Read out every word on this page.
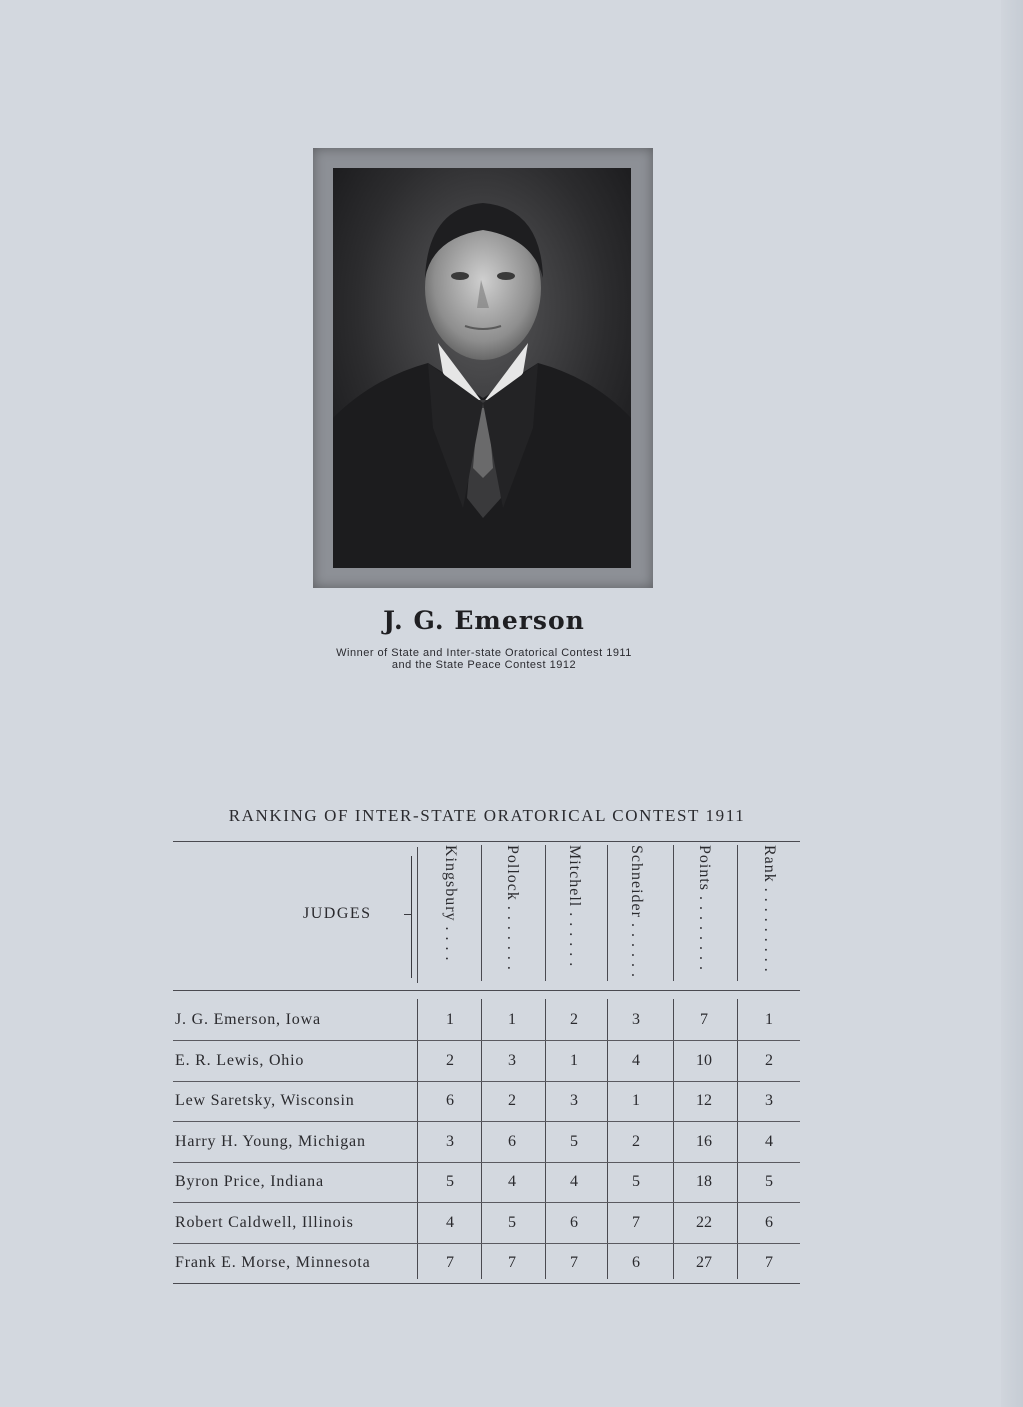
J. G. Emerson
Winner of State and Inter-state Oratorical Contest 1911
and the State Peace Contest 1912
RANKING OF INTER-STATE ORATORICAL CONTEST 1911
JUDGES	Kingsbury . . . .	Pollock . . . . . . .	Mitchell . . . . . .	Schneider . . . . . .	Points . . . . . . . .	Rank . . . . . . . . .
J. G. Emerson, Iowa	1	1	2	3	7	1
E. R. Lewis, Ohio	2	3	1	4	10	2
Lew Saretsky, Wisconsin	6	2	3	1	12	3
Harry H. Young, Michigan	3	6	5	2	16	4
Byron Price, Indiana	5	4	4	5	18	5
Robert Caldwell, Illinois	4	5	6	7	22	6
Frank E. Morse, Minnesota	7	7	7	6	27	7
